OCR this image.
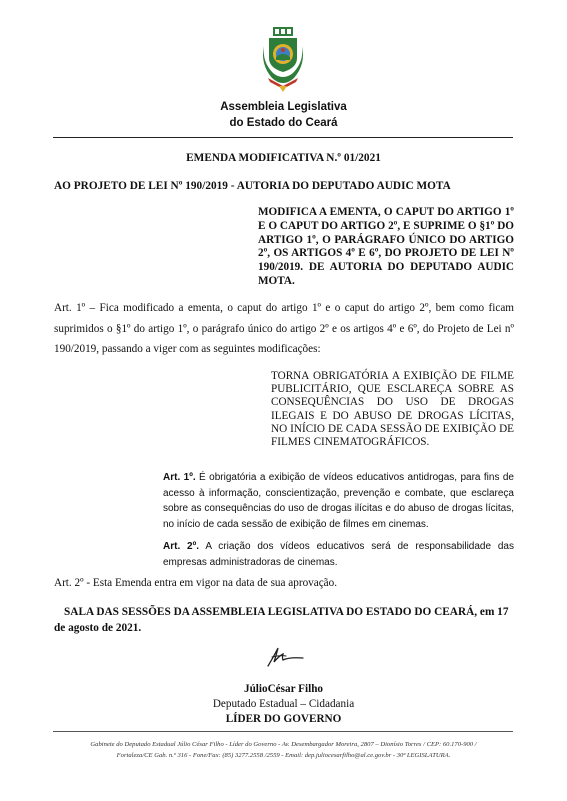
Assembleia Legislativa
do Estado do Ceará
EMENDA MODIFICATIVA N.º 01/2021
AO PROJETO DE LEI Nº 190/2019 - AUTORIA DO DEPUTADO AUDIC MOTA
MODIFICA A EMENTA, O CAPUT DO ARTIGO 1º E O CAPUT DO ARTIGO 2º, E SUPRIME O §1º DO ARTIGO 1º, O PARÁGRAFO ÚNICO DO ARTIGO 2º, OS ARTIGOS 4º E 6º, DO PROJETO DE LEI Nº 190/2019. DE AUTORIA DO DEPUTADO AUDIC MOTA.
Art. 1º – Fica modificado a ementa, o caput do artigo 1º e o caput do artigo 2º, bem como ficam suprimidos o §1º do artigo 1º, o parágrafo único do artigo 2º e os artigos 4º e 6º, do Projeto de Lei nº 190/2019, passando a viger com as seguintes modificações:
TORNA OBRIGATÓRIA A EXIBIÇÃO DE FILME PUBLICITÁRIO, QUE ESCLAREÇA SOBRE AS CONSEQUÊNCIAS DO USO DE DROGAS ILEGAIS E DO ABUSO DE DROGAS LÍCITAS, NO INÍCIO DE CADA SESSÃO DE EXIBIÇÃO DE FILMES CINEMATOGRÁFICOS.
Art. 1º. É obrigatória a exibição de vídeos educativos antidrogas, para fins de acesso à informação, conscientização, prevenção e combate, que esclareça sobre as consequências do uso de drogas ilícitas e do abuso de drogas lícitas, no início de cada sessão de exibição de filmes em cinemas.
Art. 2º. A criação dos vídeos educativos será de responsabilidade das empresas administradoras de cinemas.
Art. 2º - Esta Emenda entra em vigor na data de sua aprovação.
SALA DAS SESSÕES DA ASSEMBLEIA LEGISLATIVA DO ESTADO DO CEARÁ, em 17 de agosto de 2021.
JúlioCésar Filho
Deputado Estadual – Cidadania
LÍDER DO GOVERNO
Gabinete do Deputado Estadual Júlio César Filho - Líder do Governo - Av. Desembargador Moreira, 2807 – Dionísio Torres / CEP: 60.170-900 /
Fortaleza/CE Gab. n.º 316 - Fone/Fax: (85) 3277.2558 /2559 - Email: dep.juliocesarfilho@al.ce.gov.br - 30ª LEGISLATURA.
